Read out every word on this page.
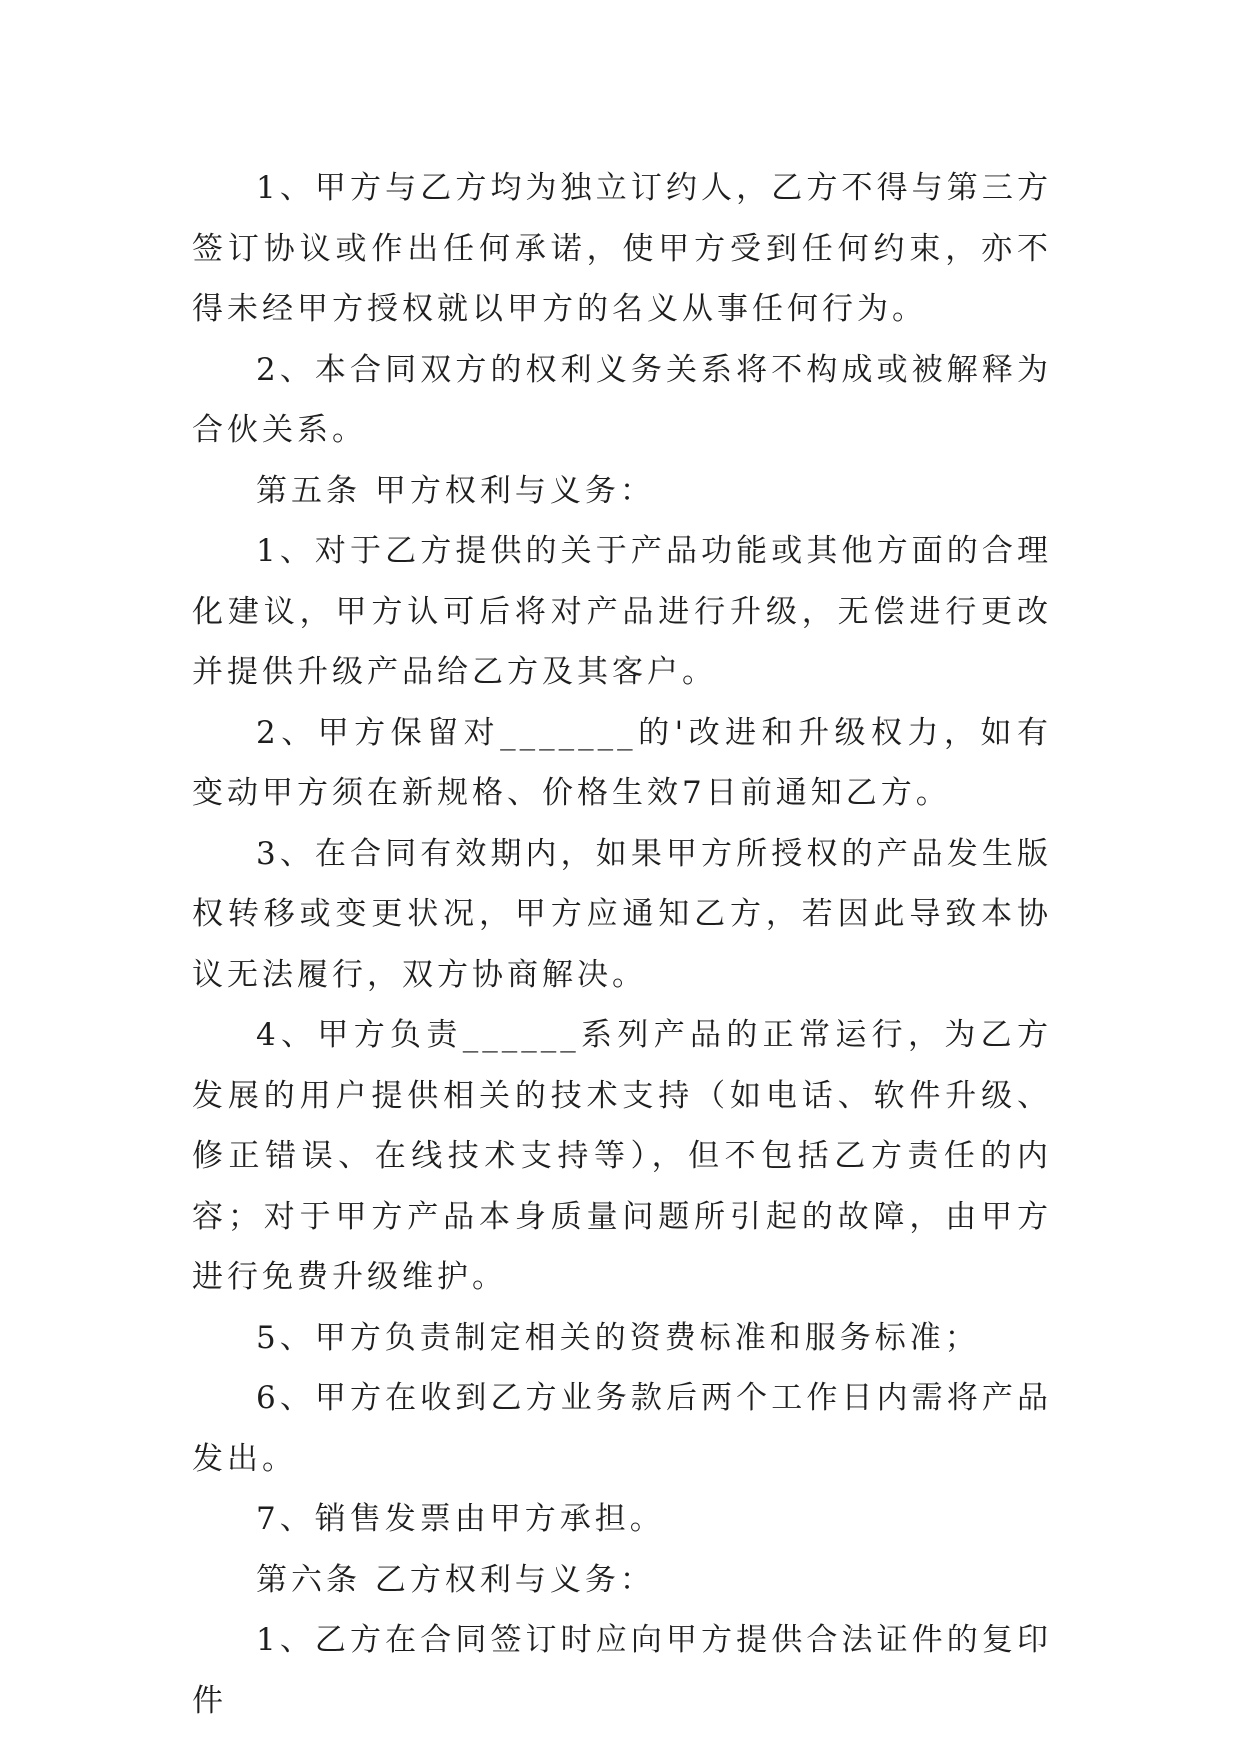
1、甲方与乙方均为独立订约人，乙方不得与第三方签订协议或作出任何承诺，使甲方受到任何约束，亦不得未经甲方授权就以甲方的名义从事任何行为。

2、本合同双方的权利义务关系将不构成或被解释为合伙关系。

第五条 甲方权利与义务：

1、对于乙方提供的关于产品功能或其他方面的合理化建议，甲方认可后将对产品进行升级，无偿进行更改并提供升级产品给乙方及其客户。

2、甲方保留对_______的'改进和升级权力，如有变动甲方须在新规格、价格生效7日前通知乙方。

3、在合同有效期内，如果甲方所授权的产品发生版权转移或变更状况，甲方应通知乙方，若因此导致本协议无法履行，双方协商解决。

4、甲方负责______系列产品的正常运行，为乙方发展的用户提供相关的技术支持（如电话、软件升级、修正错误、在线技术支持等），但不包括乙方责任的内容；对于甲方产品本身质量问题所引起的故障，由甲方进行免费升级维护。

5、甲方负责制定相关的资费标准和服务标准；

6、甲方在收到乙方业务款后两个工作日内需将产品发出。

7、销售发票由甲方承担。

第六条 乙方权利与义务：

1、乙方在合同签订时应向甲方提供合法证件的复印件
